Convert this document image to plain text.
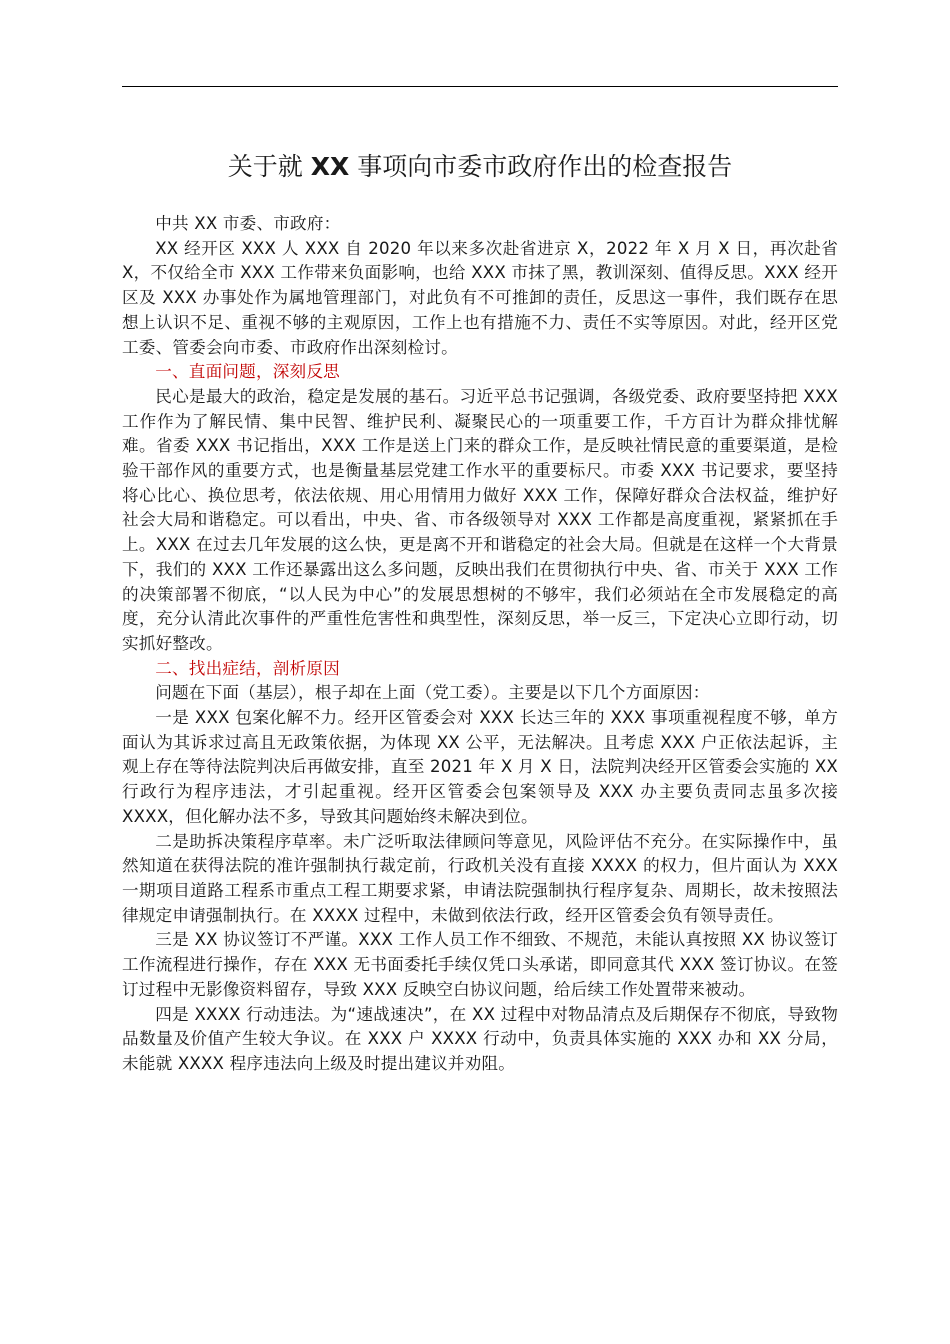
关于就 XX 事项向市委市政府作出的检查报告

中共 XX 市委、市政府：

XX 经开区 XXX 人 XXX 自 2020 年以来多次赴省进京 X，2022 年 X 月 X 日，再次赴省 X，不仅给全市 XXX 工作带来负面影响，也给 XXX 市抹了黑，教训深刻、值得反思。XXX 经开区及 XXX 办事处作为属地管理部门，对此负有不可推卸的责任，反思这一事件，我们既存在思想上认识不足、重视不够的主观原因，工作上也有措施不力、责任不实等原因。对此，经开区党工委、管委会向市委、市政府作出深刻检讨。

一、直面问题，深刻反思

民心是最大的政治，稳定是发展的基石。习近平总书记强调，各级党委、政府要坚持把 XXX 工作作为了解民情、集中民智、维护民利、凝聚民心的一项重要工作，千方百计为群众排忧解难。省委 XXX 书记指出，XXX 工作是送上门来的群众工作，是反映社情民意的重要渠道，是检验干部作风的重要方式，也是衡量基层党建工作水平的重要标尺。市委 XXX 书记要求，要坚持将心比心、换位思考，依法依规、用心用情用力做好 XXX 工作，保障好群众合法权益，维护好社会大局和谐稳定。可以看出，中央、省、市各级领导对 XXX 工作都是高度重视，紧紧抓在手上。XXX 在过去几年发展的这么快，更是离不开和谐稳定的社会大局。但就是在这样一个大背景下，我们的 XXX 工作还暴露出这么多问题，反映出我们在贯彻执行中央、省、市关于 XXX 工作的决策部署不彻底，“以人民为中心”的发展思想树的不够牢，我们必须站在全市发展稳定的高度，充分认清此次事件的严重性危害性和典型性，深刻反思，举一反三，下定决心立即行动，切实抓好整改。

二、找出症结，剖析原因

问题在下面（基层），根子却在上面（党工委）。主要是以下几个方面原因：

一是 XXX 包案化解不力。经开区管委会对 XXX 长达三年的 XXX 事项重视程度不够，单方面认为其诉求过高且无政策依据，为体现 XX 公平，无法解决。且考虑 XXX 户正依法起诉，主观上存在等待法院判决后再做安排，直至 2021 年 X 月 X 日，法院判决经开区管委会实施的 XX 行政行为程序违法，才引起重视。经开区管委会包案领导及 XXX 办主要负责同志虽多次接 XXXX，但化解办法不多，导致其问题始终未解决到位。

二是助拆决策程序草率。未广泛听取法律顾问等意见，风险评估不充分。在实际操作中，虽然知道在获得法院的准许强制执行裁定前，行政机关没有直接 XXXX 的权力，但片面认为 XXX 一期项目道路工程系市重点工程工期要求紧，申请法院强制执行程序复杂、周期长，故未按照法律规定申请强制执行。在 XXXX 过程中，未做到依法行政，经开区管委会负有领导责任。

三是 XX 协议签订不严谨。XXX 工作人员工作不细致、不规范，未能认真按照 XX 协议签订工作流程进行操作，存在 XXX 无书面委托手续仅凭口头承诺，即同意其代 XXX 签订协议。在签订过程中无影像资料留存，导致 XXX 反映空白协议问题，给后续工作处置带来被动。

四是 XXXX 行动违法。为“速战速决”，在 XX 过程中对物品清点及后期保存不彻底，导致物品数量及价值产生较大争议。在 XXX 户 XXXX 行动中，负责具体实施的 XXX 办和 XX 分局，未能就 XXXX 程序违法向上级及时提出建议并劝阻。
